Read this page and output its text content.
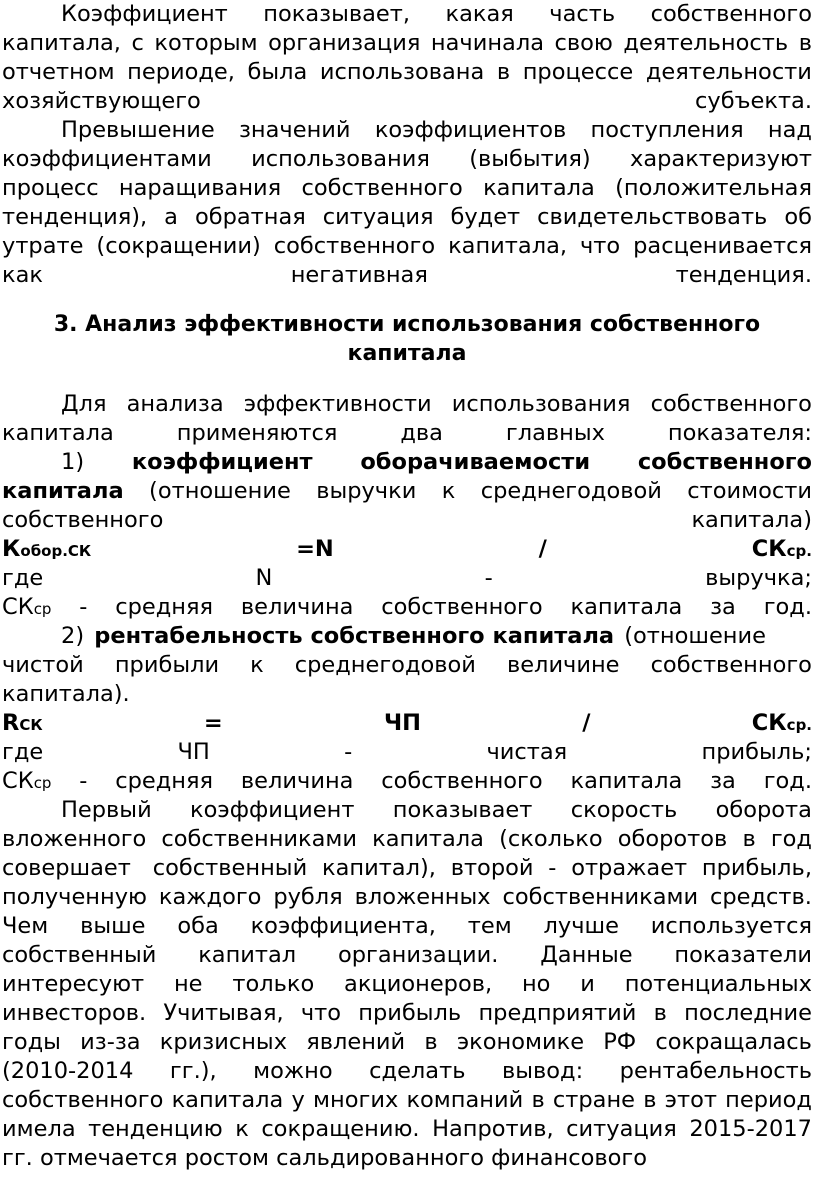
Коэффициент показывает, какая часть собственного
капитала, с которым организация начинала свою деятельность в
отчетном периоде, была использована в процессе деятельности
хозяйствующего	субъекта.
Превышение значений коэффициентов поступления над
коэффициентами использования (выбытия) характеризуют
процесс наращивания собственного капитала (положительная
тенденция), а обратная ситуация будет свидетельствовать об
утрате (сокращении) собственного капитала, что расценивается
как	негативная	тенденция.
3. Анализ эффективности использования собственного
капитала
Для анализа эффективности использования собственного
капитала	применяются	два	главных	показателя:
1) коэффициент оборачиваемости собственного
капитала (отношение выручки к среднегодовой стоимости
собственного	капитала)
Кобор.СК	=N	/	СКср.
где	N	-	выручка;
СКср - средняя величина собственного капитала за год.
2) рентабельность собственного капитала (отношение
чистой прибыли к среднегодовой величине собственного
капитала).
RСК	=	ЧП	/	СКср.
где	ЧП	-	чистая	прибыль;
СКср - средняя величина собственного капитала за год.
Первый коэффициент показывает скорость оборота
вложенного собственниками капитала (сколько оборотов в год
совершает собственный капитал), второй - отражает прибыль,
полученную каждого рубля вложенных собственниками средств.
Чем выше оба коэффициента, тем лучше используется
собственный капитал организации. Данные показатели
интересуют не только акционеров, но и потенциальных
инвесторов. Учитывая, что прибыль предприятий в последние
годы из-за кризисных явлений в экономике РФ сокращалась
(2010-2014 гг.), можно сделать вывод: рентабельность
собственного капитала у многих компаний в стране в этот период
имела тенденцию к сокращению. Напротив, ситуация 2015-2017
гг. отмечается ростом сальдированного финансового
